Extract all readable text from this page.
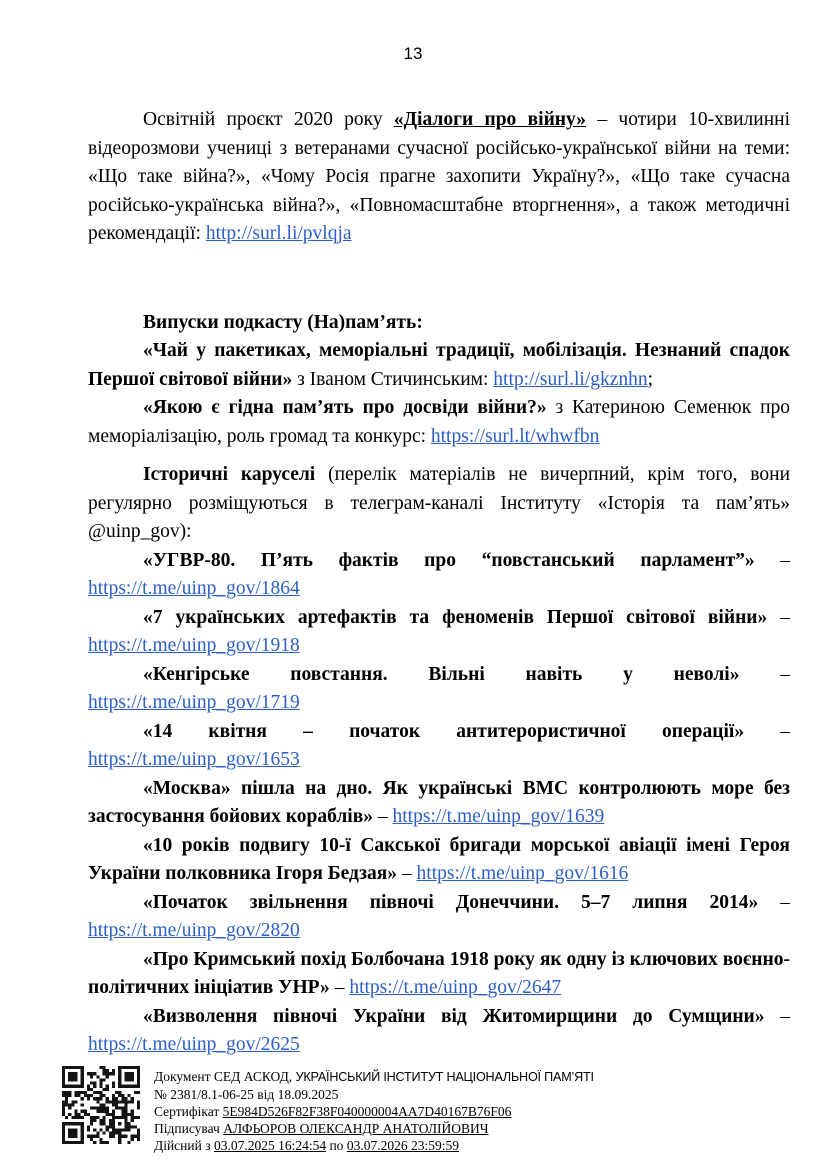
13

Освітній проєкт 2020 року «Діалоги про війну» – чотири 10-хвилинні відеорозмови учениці з ветеранами сучасної російсько-української війни на теми: «Що таке війна?», «Чому Росія прагне захопити Україну?», «Що таке сучасна російсько-українська війна?», «Повномасштабне вторгнення», а також методичні рекомендації: http://surl.li/pvlqja

Випуски подкасту (На)пам’ять:

«Чай у пакетиках, меморіальні традиції, мобілізація. Незнаний спадок Першої світової війни» з Іваном Стичинським: http://surl.li/gkznhn;

«Якою є гідна пам’ять про досвіди війни?» з Катериною Семенюк про меморіалізацію, роль громад та конкурс: https://surl.lt/whwfbn

Історичні каруселі (перелік матеріалів не вичерпний, крім того, вони регулярно розміщуються в телеграм-каналі Інституту «Історія та пам’ять» @uinp_gov):

«УГВР-80. П’ять фактів про “повстанський парламент”» –
https://t.me/uinp_gov/1864

«7 українських артефактів та феноменів Першої світової війни» –
https://t.me/uinp_gov/1918

«Кенгірське повстання. Вільні навіть у неволі» –
https://t.me/uinp_gov/1719

«14 квітня – початок антитерористичної операції» –
https://t.me/uinp_gov/1653

«Москва» пішла на дно. Як українські ВМС контролюють море без застосування бойових кораблів» – https://t.me/uinp_gov/1639

«10 років подвигу 10-ї Сакської бригади морської авіації імені Героя України полковника Ігоря Бедзая» – https://t.me/uinp_gov/1616

«Початок звільнення півночі Донеччини. 5–7 липня 2014» –
https://t.me/uinp_gov/2820

«Про Кримський похід Болбочана 1918 року як одну із ключових воєнно-політичних ініціатив УНР» – https://t.me/uinp_gov/2647

«Визволення півночі України від Житомирщини до Сумщини» –
https://t.me/uinp_gov/2625

Документ СЕД АСКОД, УКРАЇНСЬКИЙ ІНСТИТУТ НАЦІОНАЛЬНОЇ ПАМ’ЯТІ
№ 2381/8.1-06-25 від 18.09.2025
Сертифікат 5E984D526F82F38F040000004AA7D40167B76F06
Підписувач АЛФЬОРОВ ОЛЕКСАНДР АНАТОЛІЙОВИЧ
Дійсний з 03.07.2025 16:24:54 по 03.07.2026 23:59:59
